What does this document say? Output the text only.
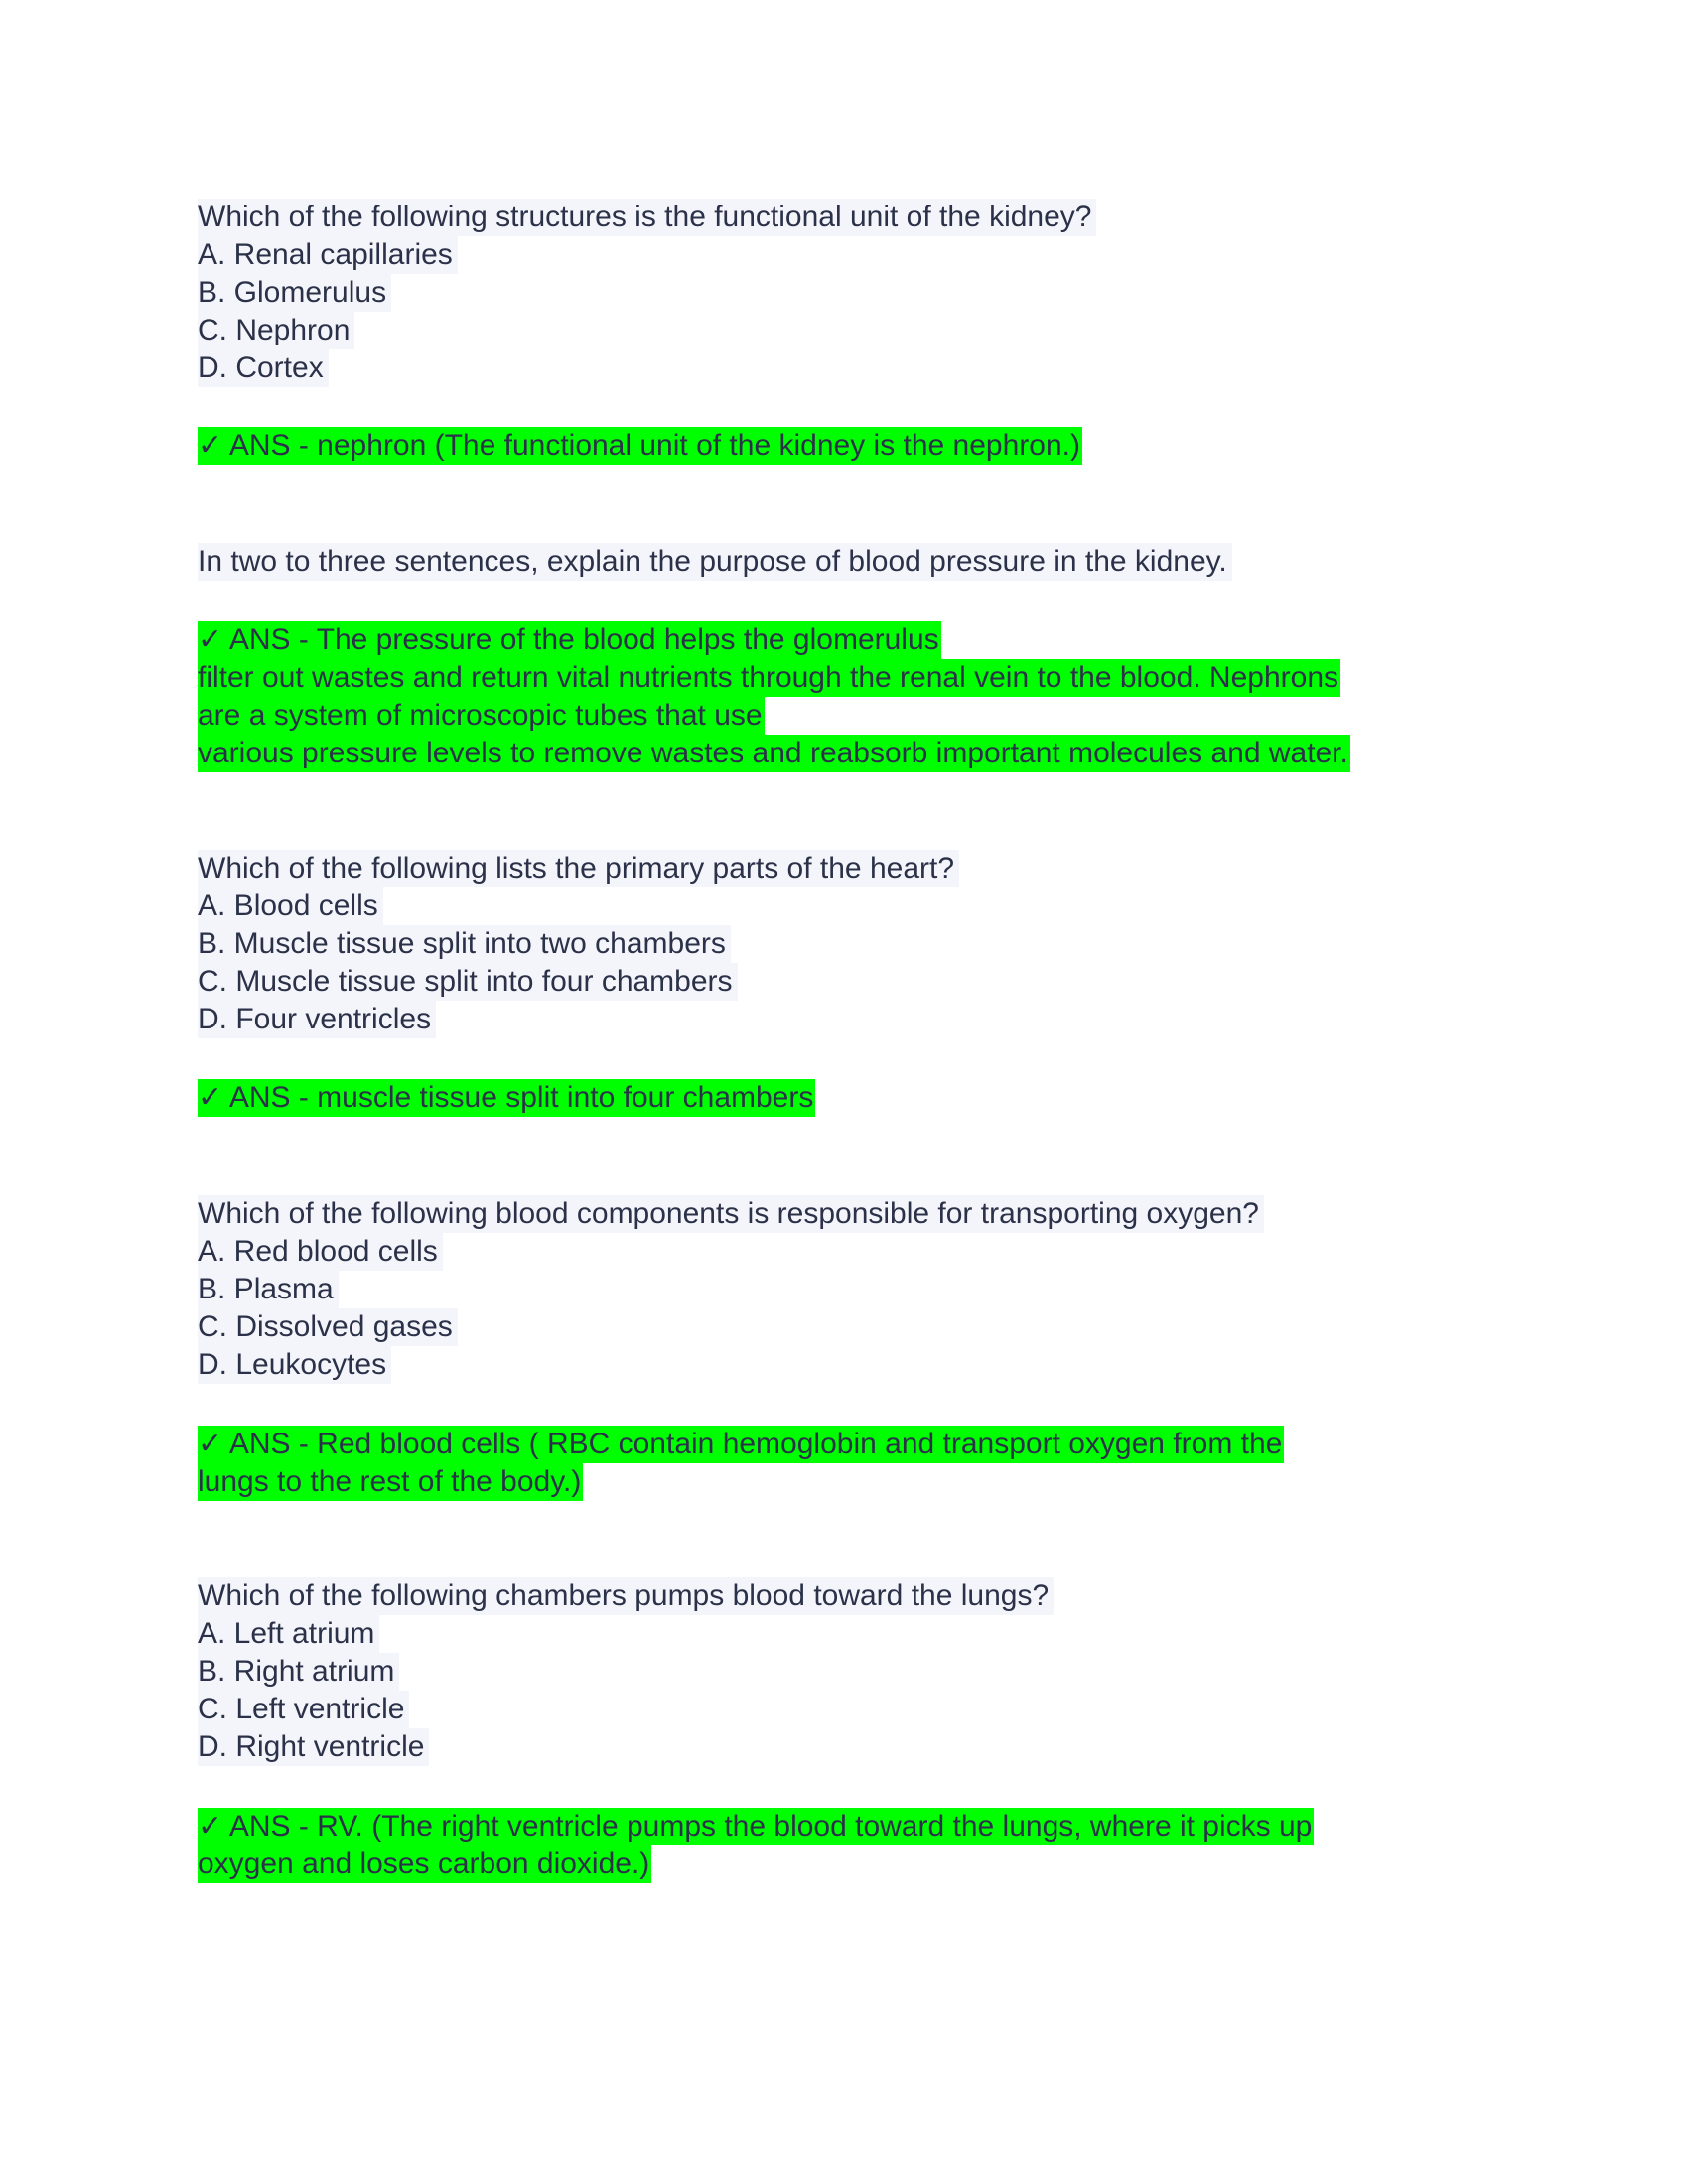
Which of the following structures is the functional unit of the kidney?
A. Renal capillaries
B. Glomerulus
C. Nephron
D. Cortex
✓ ANS - nephron (The functional unit of the kidney is the nephron.)
In two to three sentences, explain the purpose of blood pressure in the kidney.
✓ ANS - The pressure of the blood helps the glomerulus
filter out wastes and return vital nutrients through the renal vein to the blood. Nephrons
are a system of microscopic tubes that use
various pressure levels to remove wastes and reabsorb important molecules and water.
Which of the following lists the primary parts of the heart?
A. Blood cells
B. Muscle tissue split into two chambers
C. Muscle tissue split into four chambers
D. Four ventricles
✓ ANS - muscle tissue split into four chambers
Which of the following blood components is responsible for transporting oxygen?
A. Red blood cells
B. Plasma
C. Dissolved gases
D. Leukocytes
✓ ANS - Red blood cells ( RBC contain hemoglobin and transport oxygen from the
lungs to the rest of the body.)
Which of the following chambers pumps blood toward the lungs?
A. Left atrium
B. Right atrium
C. Left ventricle
D. Right ventricle
✓ ANS - RV. (The right ventricle pumps the blood toward the lungs, where it picks up
oxygen and loses carbon dioxide.)
